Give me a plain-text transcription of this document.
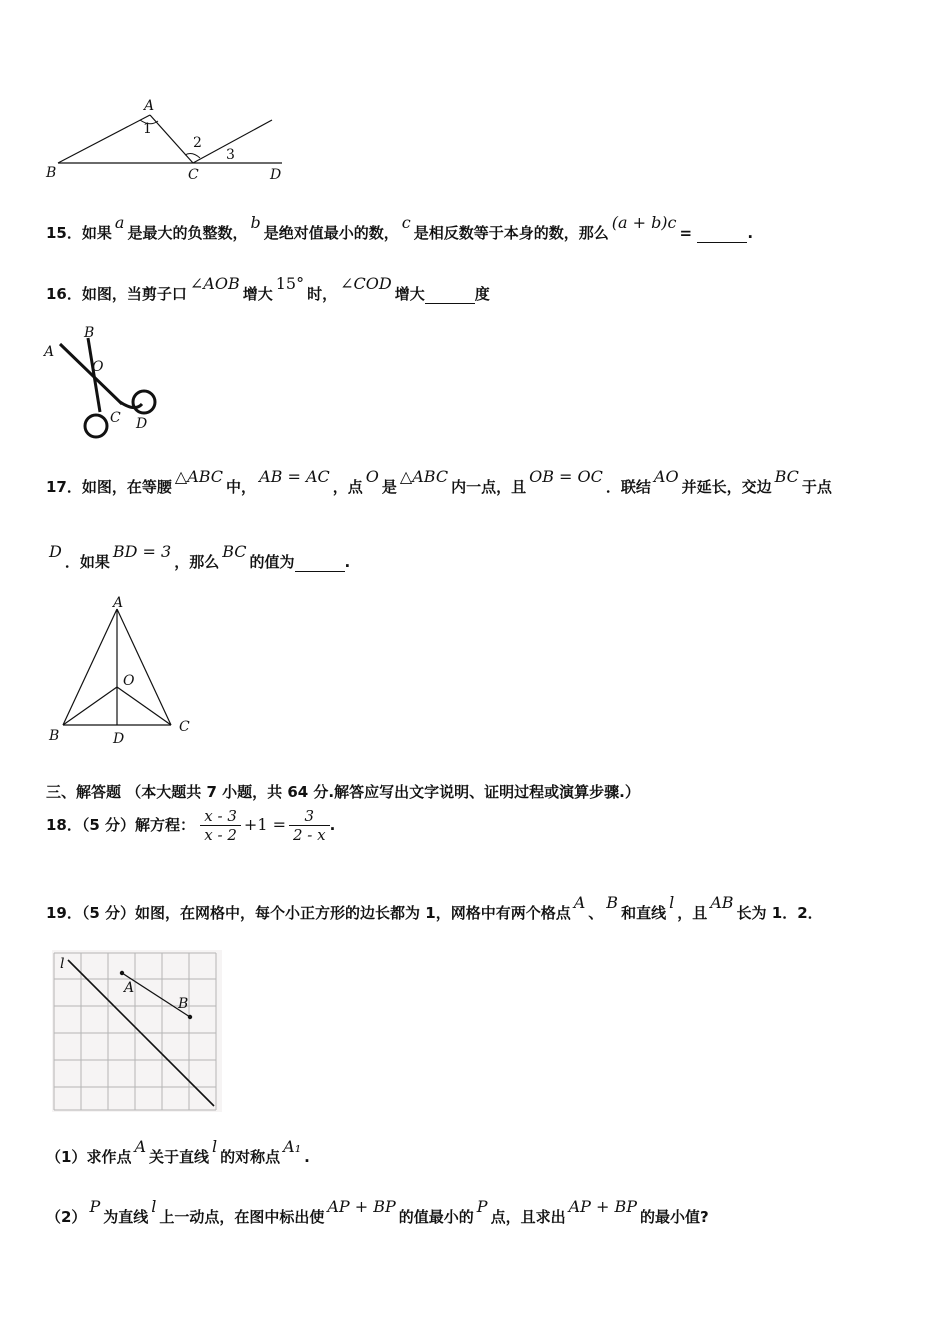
A
B	C	D
1
2
3
15．如果a是最大的负整数，b是绝对值最小的数，c是相反数等于本身的数，那么(a + b)c=	.
16．如图，当剪子口∠AOB增大15°时，∠COD增大	度
A
B
O
C D
17．如图，在等腰△ABC中，AB = AC，点O是△ABC内一点，且OB = OC．联结AO并延长，交边BC于点
D．如果BD = 3，那么BC的值为	.
A
B
C
D
O
三、解答题 （本大题共 7 小题，共 64 分.解答应写出文字说明、证明过程或演算步骤.）
18．（5 分）解方程： $\frac{x - 3}{x - 2} +1 = \frac{3}{2 - x}$ .
19．（5 分）如图，在网格中，每个小正方形的边长都为 1，网格中有两个格点A、B和直线l，且AB长为 1．2．
l
A
B
（1）求作点A关于直线l的对称点A₁.
（2）P为直线l上一动点，在图中标出使AP + BP的值最小的P点，且求出AP + BP的最小值?
